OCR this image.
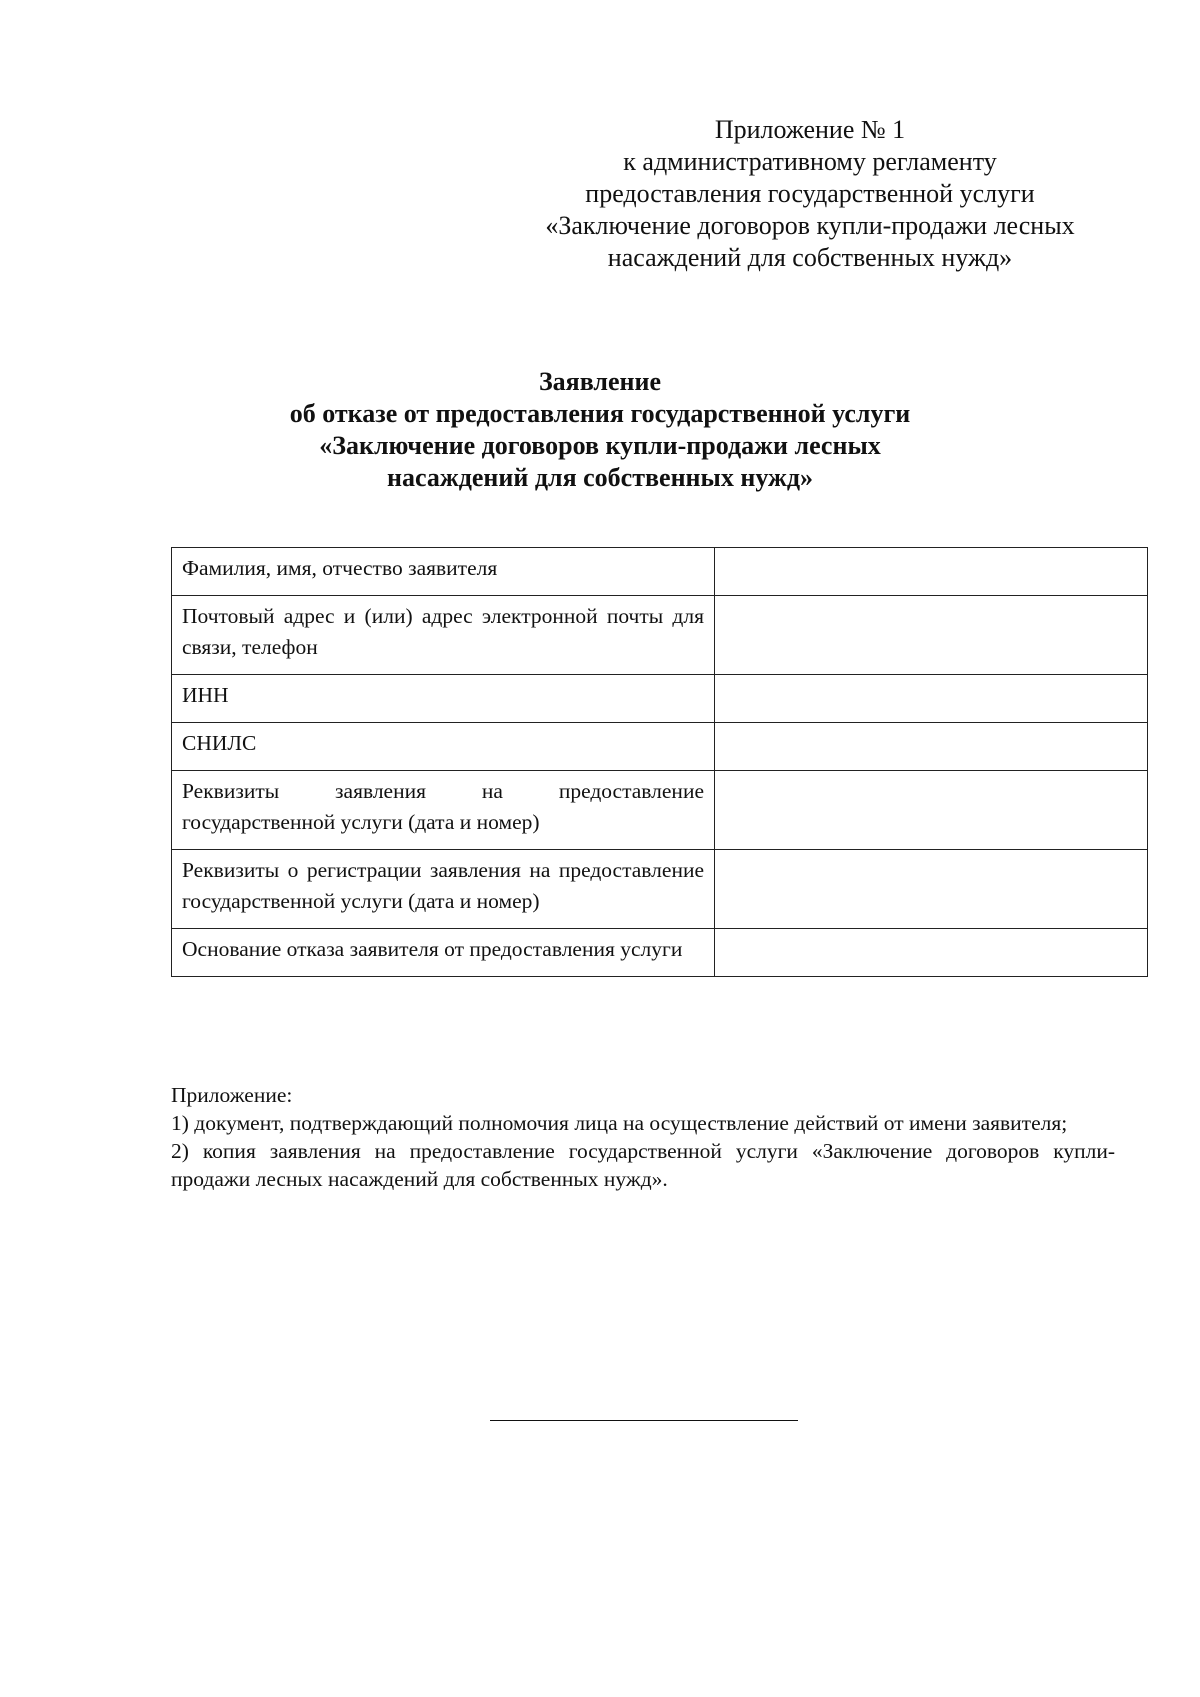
Приложение № 1
к административному регламенту
предоставления государственной услуги
«Заключение договоров купли-продажи лесных
насаждений для собственных нужд»
Заявление
об отказе от предоставления государственной услуги
«Заключение договоров купли-продажи лесных
насаждений для собственных нужд»
Фамилия, имя, отчество заявителя	
Почтовый адрес и (или) адрес электронной почты для связи, телефон	
ИНН	
СНИЛС	
Реквизиты заявления на предоставление государственной услуги (дата и номер)	
Реквизиты о регистрации заявления на предоставление государственной услуги (дата и номер)	
Основание отказа заявителя от предоставления услуги	

Приложение:

1) документ, подтверждающий полномочия лица на осуществление действий от имени заявителя;

2) копия заявления на предоставление государственной услуги «Заключение договоров купли-продажи лесных насаждений для собственных нужд».
